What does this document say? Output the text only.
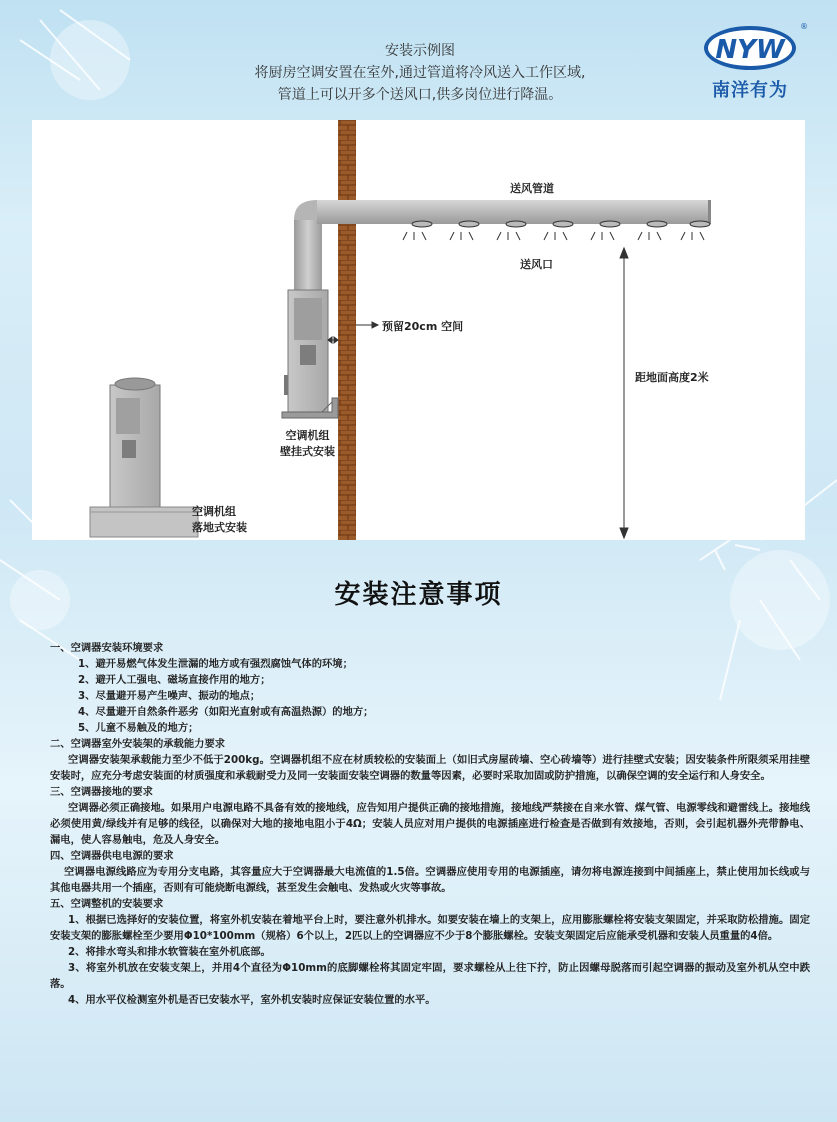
安装示例图
将厨房空调安置在室外,通过管道将冷风送入工作区域,
管道上可以开多个送风口,供多岗位进行降温。
NYW
®
南洋有为
送风管道
送风口
预留20cm 空间
距地面高度2米
空调机组
壁挂式安装
空调机组
落地式安装
安装注意事项
一、空调器安装环境要求
1、避开易燃气体发生泄漏的地方或有强烈腐蚀气体的环境；
2、避开人工强电、磁场直接作用的地方；
3、尽量避开易产生噪声、振动的地点；
4、尽量避开自然条件恶劣（如阳光直射或有高温热源）的地方；
5、儿童不易触及的地方；
二、空调器室外安装架的承载能力要求
空调器安装架承载能力至少不低于200kg。空调器机组不应在材质较松的安装面上（如旧式房屋砖墙、空心砖墙等）进行挂壁式安装；因安装条件所限须采用挂壁安装时，应充分考虑安装面的材质强度和承载耐受力及同一安装面安装空调器的数量等因素，必要时采取加固或防护措施，以确保空调的安全运行和人身安全。
三、空调器接地的要求
空调器必须正确接地。如果用户电源电路不具备有效的接地线，应告知用户提供正确的接地措施，接地线严禁接在自来水管、煤气管、电源零线和避雷线上。接地线必须使用黄/绿线并有足够的线径，以确保对大地的接地电阻小于4Ω；安装人员应对用户提供的电源插座进行检查是否做到有效接地，否则，会引起机器外壳带静电、漏电，使人容易触电，危及人身安全。
四、空调器供电电源的要求
空调器电源线路应为专用分支电路，其容量应大于空调器最大电流值的1.5倍。空调器应使用专用的电源插座，请勿将电源连接到中间插座上，禁止使用加长线或与其他电器共用一个插座，否则有可能烧断电源线，甚至发生会触电、发热或火灾等事故。
五、空调整机的安装要求
1、根据已选择好的安装位置，将室外机安装在着地平台上时，要注意外机排水。如要安装在墙上的支架上，应用膨胀螺栓将安装支架固定，并采取防松措施。固定安装支架的膨胀螺栓至少要用Φ10*100mm（规格）6个以上，2匹以上的空调器应不少于8个膨胀螺栓。安装支架固定后应能承受机器和安装人员重量的4倍。
2、将排水弯头和排水软管装在室外机底部。
3、将室外机放在安装支架上，并用4个直径为Φ10mm的底脚螺栓将其固定牢固，要求螺栓从上往下拧，防止因螺母脱落而引起空调器的振动及室外机从空中跌落。
4、用水平仪检测室外机是否已安装水平，室外机安装时应保证安装位置的水平。
